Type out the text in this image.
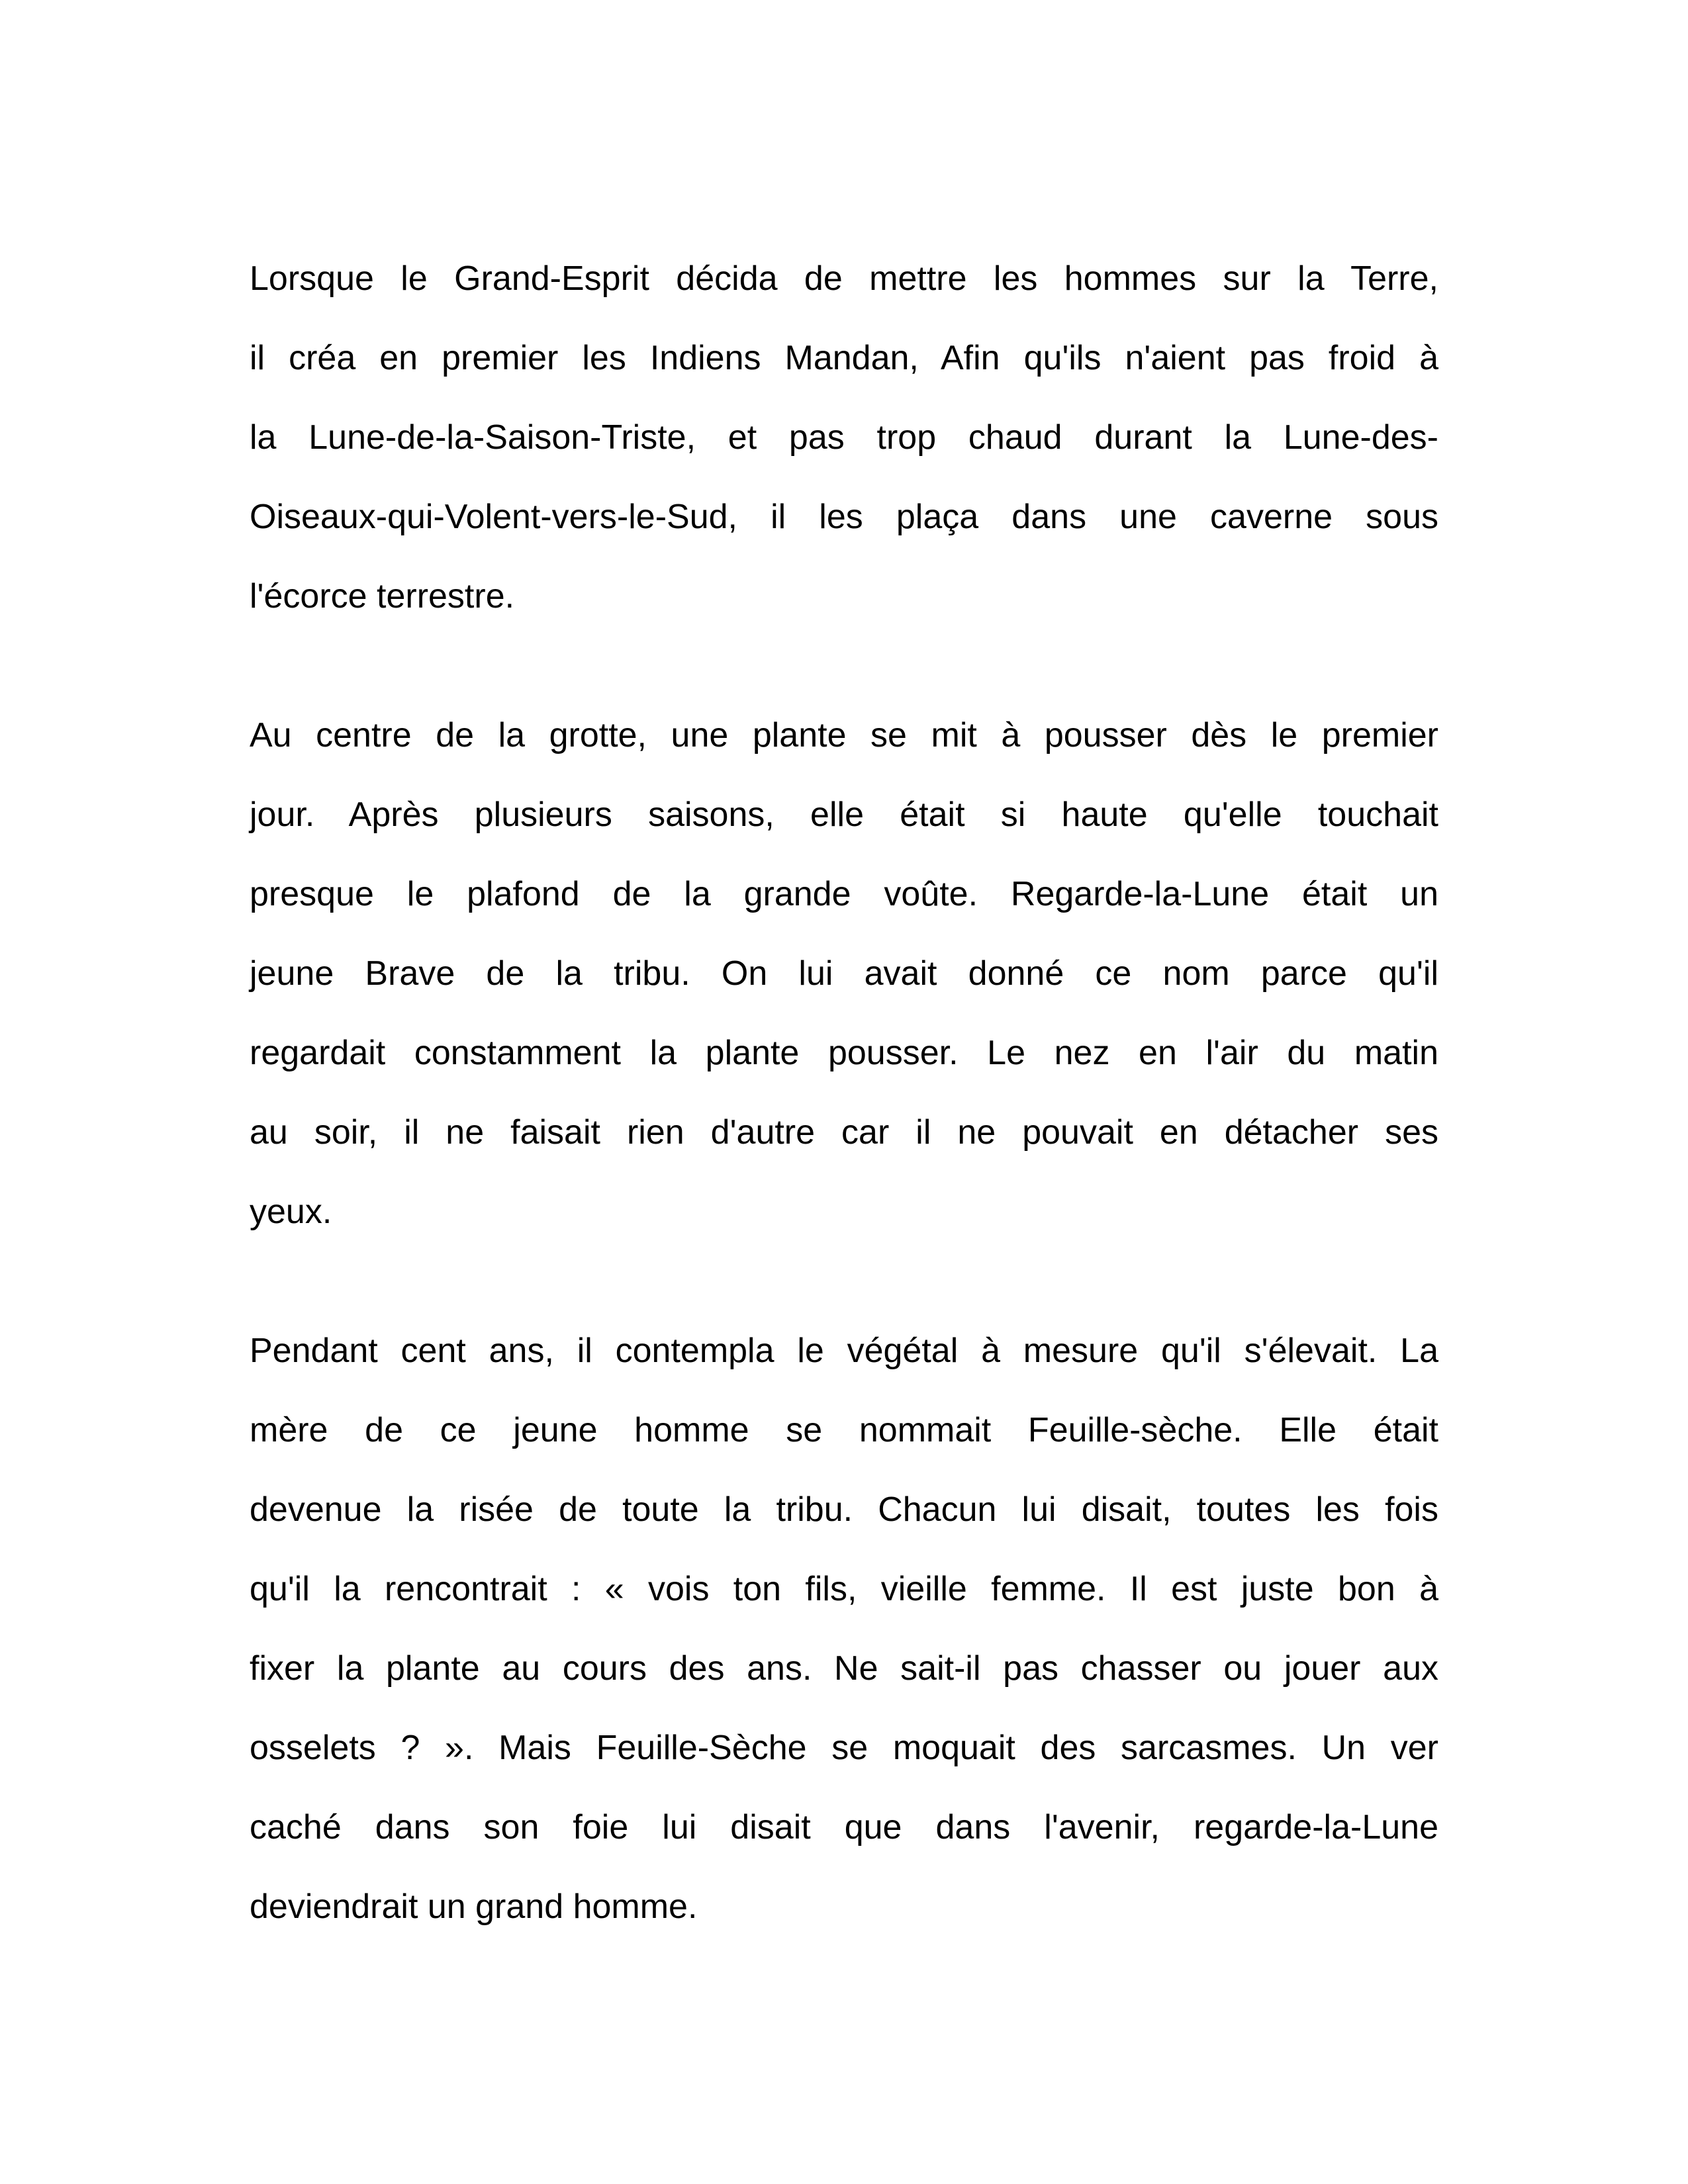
Lorsque le Grand-Esprit décida de mettre les hommes sur la Terre,
il créa en premier les Indiens Mandan, Afin qu'ils n'aient pas froid à
la Lune-de-la-Saison-Triste, et pas trop chaud durant la Lune-des-
Oiseaux-qui-Volent-vers-le-Sud, il les plaça dans une caverne sous
l'écorce terrestre.
Au centre de la grotte, une plante se mit à pousser dès le premier
jour. Après plusieurs saisons, elle était si haute qu'elle touchait
presque le plafond de la grande voûte. Regarde-la-Lune était un
jeune Brave de la tribu. On lui avait donné ce nom parce qu'il
regardait constamment la plante pousser. Le nez en l'air du matin
au soir, il ne faisait rien d'autre car il ne pouvait en détacher ses
yeux.
Pendant cent ans, il contempla le végétal à mesure qu'il s'élevait. La
mère de ce jeune homme se nommait Feuille-sèche. Elle était
devenue la risée de toute la tribu. Chacun lui disait, toutes les fois
qu'il la rencontrait : « vois ton fils, vieille femme. Il est juste bon à
fixer la plante au cours des ans. Ne sait-il pas chasser ou jouer aux
osselets ? ». Mais Feuille-Sèche se moquait des sarcasmes. Un ver
caché dans son foie lui disait que dans l'avenir, regarde-la-Lune
deviendrait un grand homme.
